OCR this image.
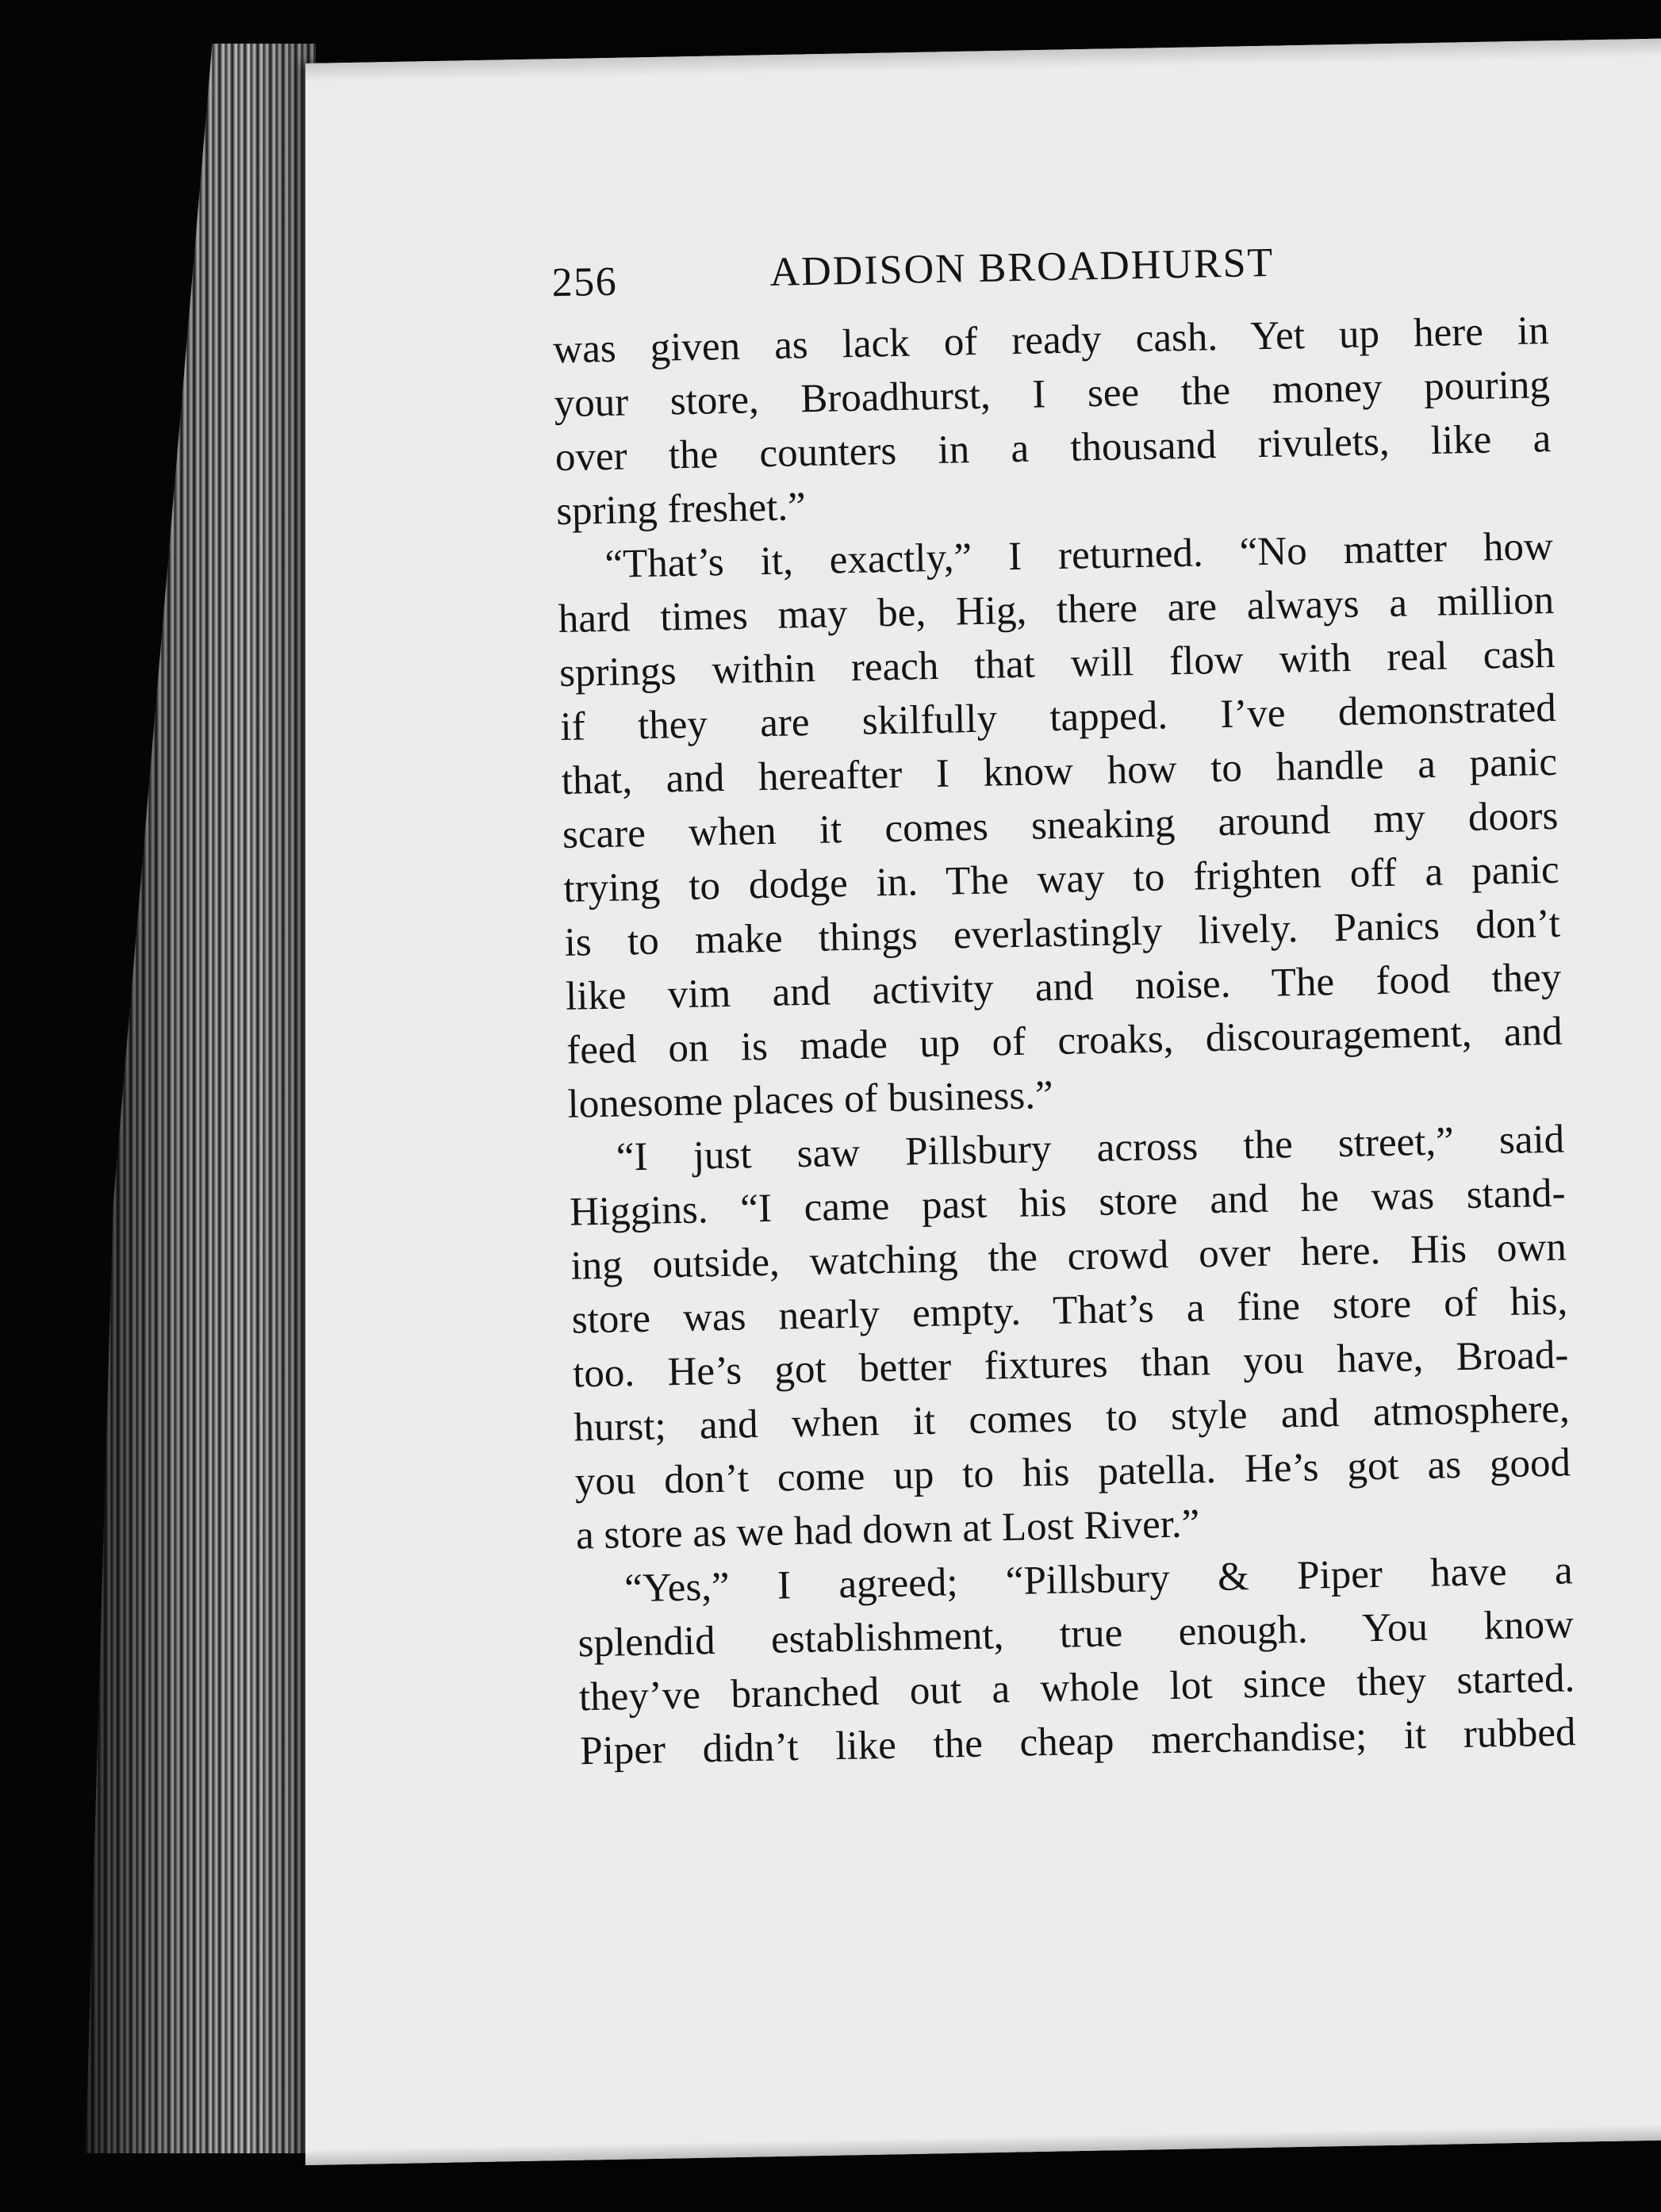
256	ADDISON BROADHURST
was given as lack of ready cash. Yet up here in
your store, Broadhurst, I see the money pouring
over the counters in a thousand rivulets, like a
spring freshet.”
“That’s it, exactly,” I returned. “No matter how
hard times may be, Hig, there are always a million
springs within reach that will flow with real cash
if they are skilfully tapped. I’ve demonstrated
that, and hereafter I know how to handle a panic
scare when it comes sneaking around my doors
trying to dodge in. The way to frighten off a panic
is to make things everlastingly lively. Panics don’t
like vim and activity and noise. The food they
feed on is made up of croaks, discouragement, and
lonesome places of business.”
“I just saw Pillsbury across the street,” said
Higgins. “I came past his store and he was stand-
ing outside, watching the crowd over here. His own
store was nearly empty. That’s a fine store of his,
too. He’s got better fixtures than you have, Broad-
hurst; and when it comes to style and atmosphere,
you don’t come up to his patella. He’s got as good
a store as we had down at Lost River.”
“Yes,” I agreed; “Pillsbury & Piper have a
splendid establishment, true enough. You know
they’ve branched out a whole lot since they started.
Piper didn’t like the cheap merchandise; it rubbed
